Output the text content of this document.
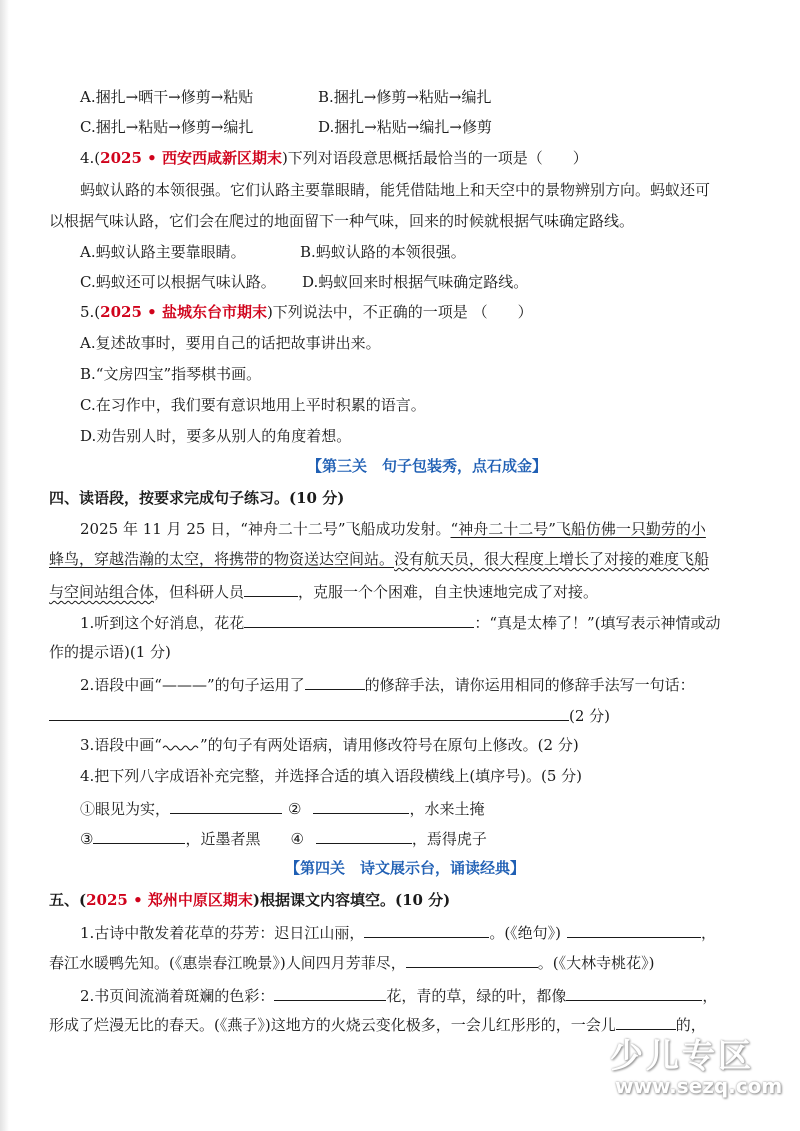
A.捆扎→晒干→修剪→粘贴	B.捆扎→修剪→粘贴→编扎
C.捆扎→粘贴→修剪→编扎	D.捆扎→粘贴→编扎→修剪
4.(2025 • 西安西咸新区期末)下列对语段意思概括最恰当的一项是（　　）
蚂蚁认路的本领很强。它们认路主要靠眼睛，能凭借陆地上和天空中的景物辨别方向。蚂蚁还可
以根据气味认路，它们会在爬过的地面留下一种气味，回来的时候就根据气味确定路线。
A.蚂蚁认路主要靠眼睛。	B.蚂蚁认路的本领很强。
C.蚂蚁还可以根据气味认路。 D.蚂蚁回来时根据气味确定路线。
5.(2025 • 盐城东台市期末)下列说法中，不正确的一项是 （　　）
A.复述故事时，要用自己的话把故事讲出来。
B.“文房四宝”指琴棋书画。
C.在习作中，我们要有意识地用上平时积累的语言。
D.劝告别人时，要多从别人的角度着想。
【第三关　句子包装秀，点石成金】
四、读语段，按要求完成句子练习。(10 分)
2025 年 11 月 25 日，“神舟二十二号”飞船成功发射。“神舟二十二号”飞船仿佛一只勤劳的小
蜂鸟，穿越浩瀚的太空，将携带的物资送达空间站。没有航天员，很大程度上增长了对接的难度飞船
与空间站组合体，但科研人员	，克服一个个困难，自主快速地完成了对接。
1.听到这个好消息，花花	：“真是太棒了！”(填写表示神情或动
作的提示语)(1 分)
2.语段中画“———”的句子运用了	的修辞手法，请你运用相同的修辞手法写一句话：
(2 分)
3.语段中画“	”的句子有两处语病，请用修改符号在原句上修改。(2 分)
4.把下列八字成语补充完整，并选择合适的填入语段横线上(填序号)。(5 分)
①眼见为实，	②	，水来土掩
③	，近墨者黑 ④	，焉得虎子
【第四关　诗文展示台，诵读经典】
五、(2025 • 郑州中原区期末)根据课文内容填空。(10 分)
1.古诗中散发着花草的芬芳：迟日江山丽，	。(《绝句》)	，
春江水暖鸭先知。(《惠崇春江晚景》)人间四月芳菲尽，	。(《大林寺桃花》)
2.书页间流淌着斑斓的色彩：	花，青的草，绿的叶，都像	，
形成了烂漫无比的春天。(《燕子》)这地方的火烧云变化极多，一会儿红彤彤的，一会儿	的，
少儿专区
www.sezq.com
